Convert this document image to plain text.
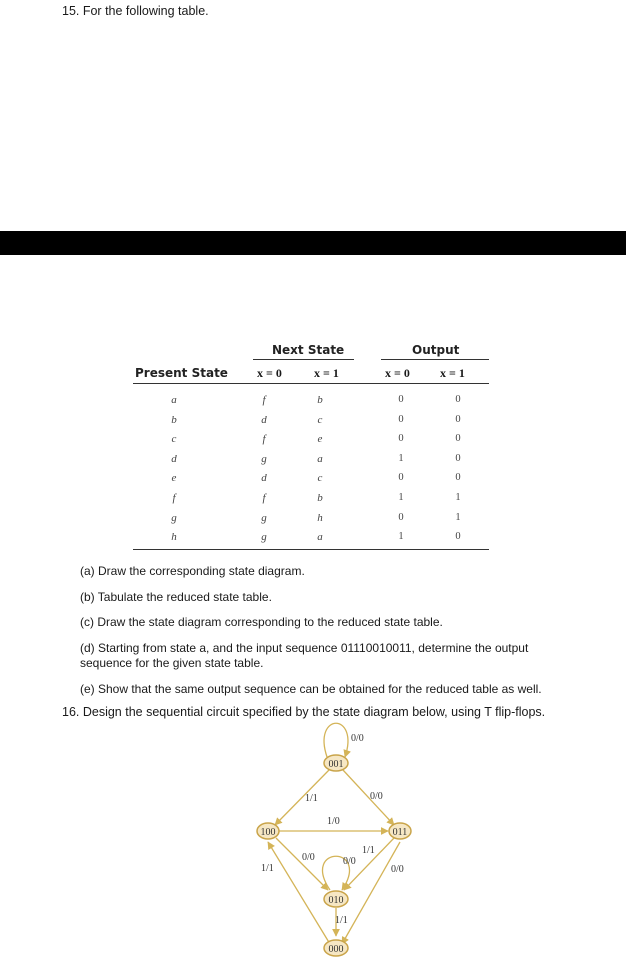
15. For the following table.
Next State	Output
Present State x = 0	x = 1	x = 0	x = 1
a	f	b	0	0
b	d	c	0	0
c	f	e	0	0
d	g	a	1	0
e	d	c	0	0
f	f	b	1	1
g	g	h	0	1
h	g	a	1	0
(a) Draw the corresponding state diagram.
(b) Tabulate the reduced state table.
(c) Draw the state diagram corresponding to the reduced state table.
(d) Starting from state a, and the input sequence 01110010011, determine the output
sequence for the given state table.
(e) Show that the same output sequence can be obtained for the reduced table as well.
16. Design the sequential circuit specified by the state diagram below, using T flip-flops.
001
100	011
010
000
0/0
1/1	0/0
1/0
0/0
1/1
1/1
0/0
0/0
1/1
